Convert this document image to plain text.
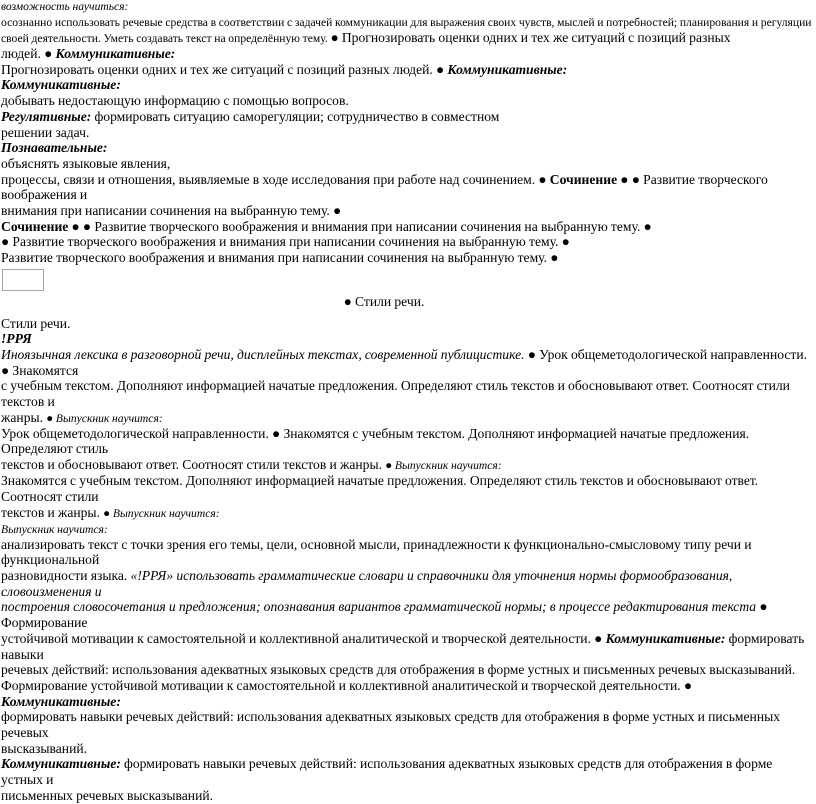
возможность научиться:
осознанно использовать речевые средства в соответствии с задачей коммуникации для выражения своих чувств, мыслей и потребностей; планирования и регуляции
своей деятельности. Уметь создавать текст на определённую тему. ● Прогнозировать оценки одних и тех же ситуаций с позиций разных
людей. ● Коммуникативные:
Прогнозировать оценки одних и тех же ситуаций с позиций разных людей. ● Коммуникативные:
Коммуникативные:
добывать недостающую информацию с помощью вопросов.
Регулятивные: формировать ситуацию саморегуляции; сотрудничество в совместном
решении задач.
Познавательные:
объяснять языковые явления,
процессы, связи и отношения, выявляемые в ходе исследования при работе над сочинением. ● Сочинение ● ● Развитие творческого воображения и
внимания при написании сочинения на выбранную тему. ●
Сочинение ● ● Развитие творческого воображения и внимания при написании сочинения на выбранную тему. ●
● Развитие творческого воображения и внимания при написании сочинения на выбранную тему. ●
Развитие творческого воображения и внимания при написании сочинения на выбранную тему. ●
● Стили речи.
Стили речи.
!РРЯ
Иноязычная лексика в разговорной речи, дисплейных текстах, современной публицистике. ● Урок общеметодологической направленности. ● Знакомятся
с учебным текстом. Дополняют информацией начатые предложения. Определяют стиль текстов и обосновывают ответ. Соотносят стили текстов и
жанры. ● Выпускник научится:
Урок общеметодологической направленности. ● Знакомятся с учебным текстом. Дополняют информацией начатые предложения. Определяют стиль
текстов и обосновывают ответ. Соотносят стили текстов и жанры. ● Выпускник научится:
Знакомятся с учебным текстом. Дополняют информацией начатые предложения. Определяют стиль текстов и обосновывают ответ. Соотносят стили
текстов и жанры. ● Выпускник научится:
Выпускник научится:
анализировать текст с точки зрения его темы, цели, основной мысли, принадлежности к функционально-смысловому типу речи и функциональной
разновидности языка. «!РРЯ» использовать грамматические словари и справочники для уточнения нормы формообразования, словоизменения и
построения словосочетания и предложения; опознавания вариантов грамматической нормы; в процессе редактирования текста ● Формирование
устойчивой мотивации к самостоятельной и коллективной аналитической и творческой деятельности. ● Коммуникативные: формировать навыки
речевых действий: использования адекватных языковых средств для отображения в форме устных и письменных речевых высказываний.
Формирование устойчивой мотивации к самостоятельной и коллективной аналитической и творческой деятельности. ● Коммуникативные:
формировать навыки речевых действий: использования адекватных языковых средств для отображения в форме устных и письменных речевых
высказываний.
Коммуникативные: формировать навыки речевых действий: использования адекватных языковых средств для отображения в форме устных и
письменных речевых высказываний.
